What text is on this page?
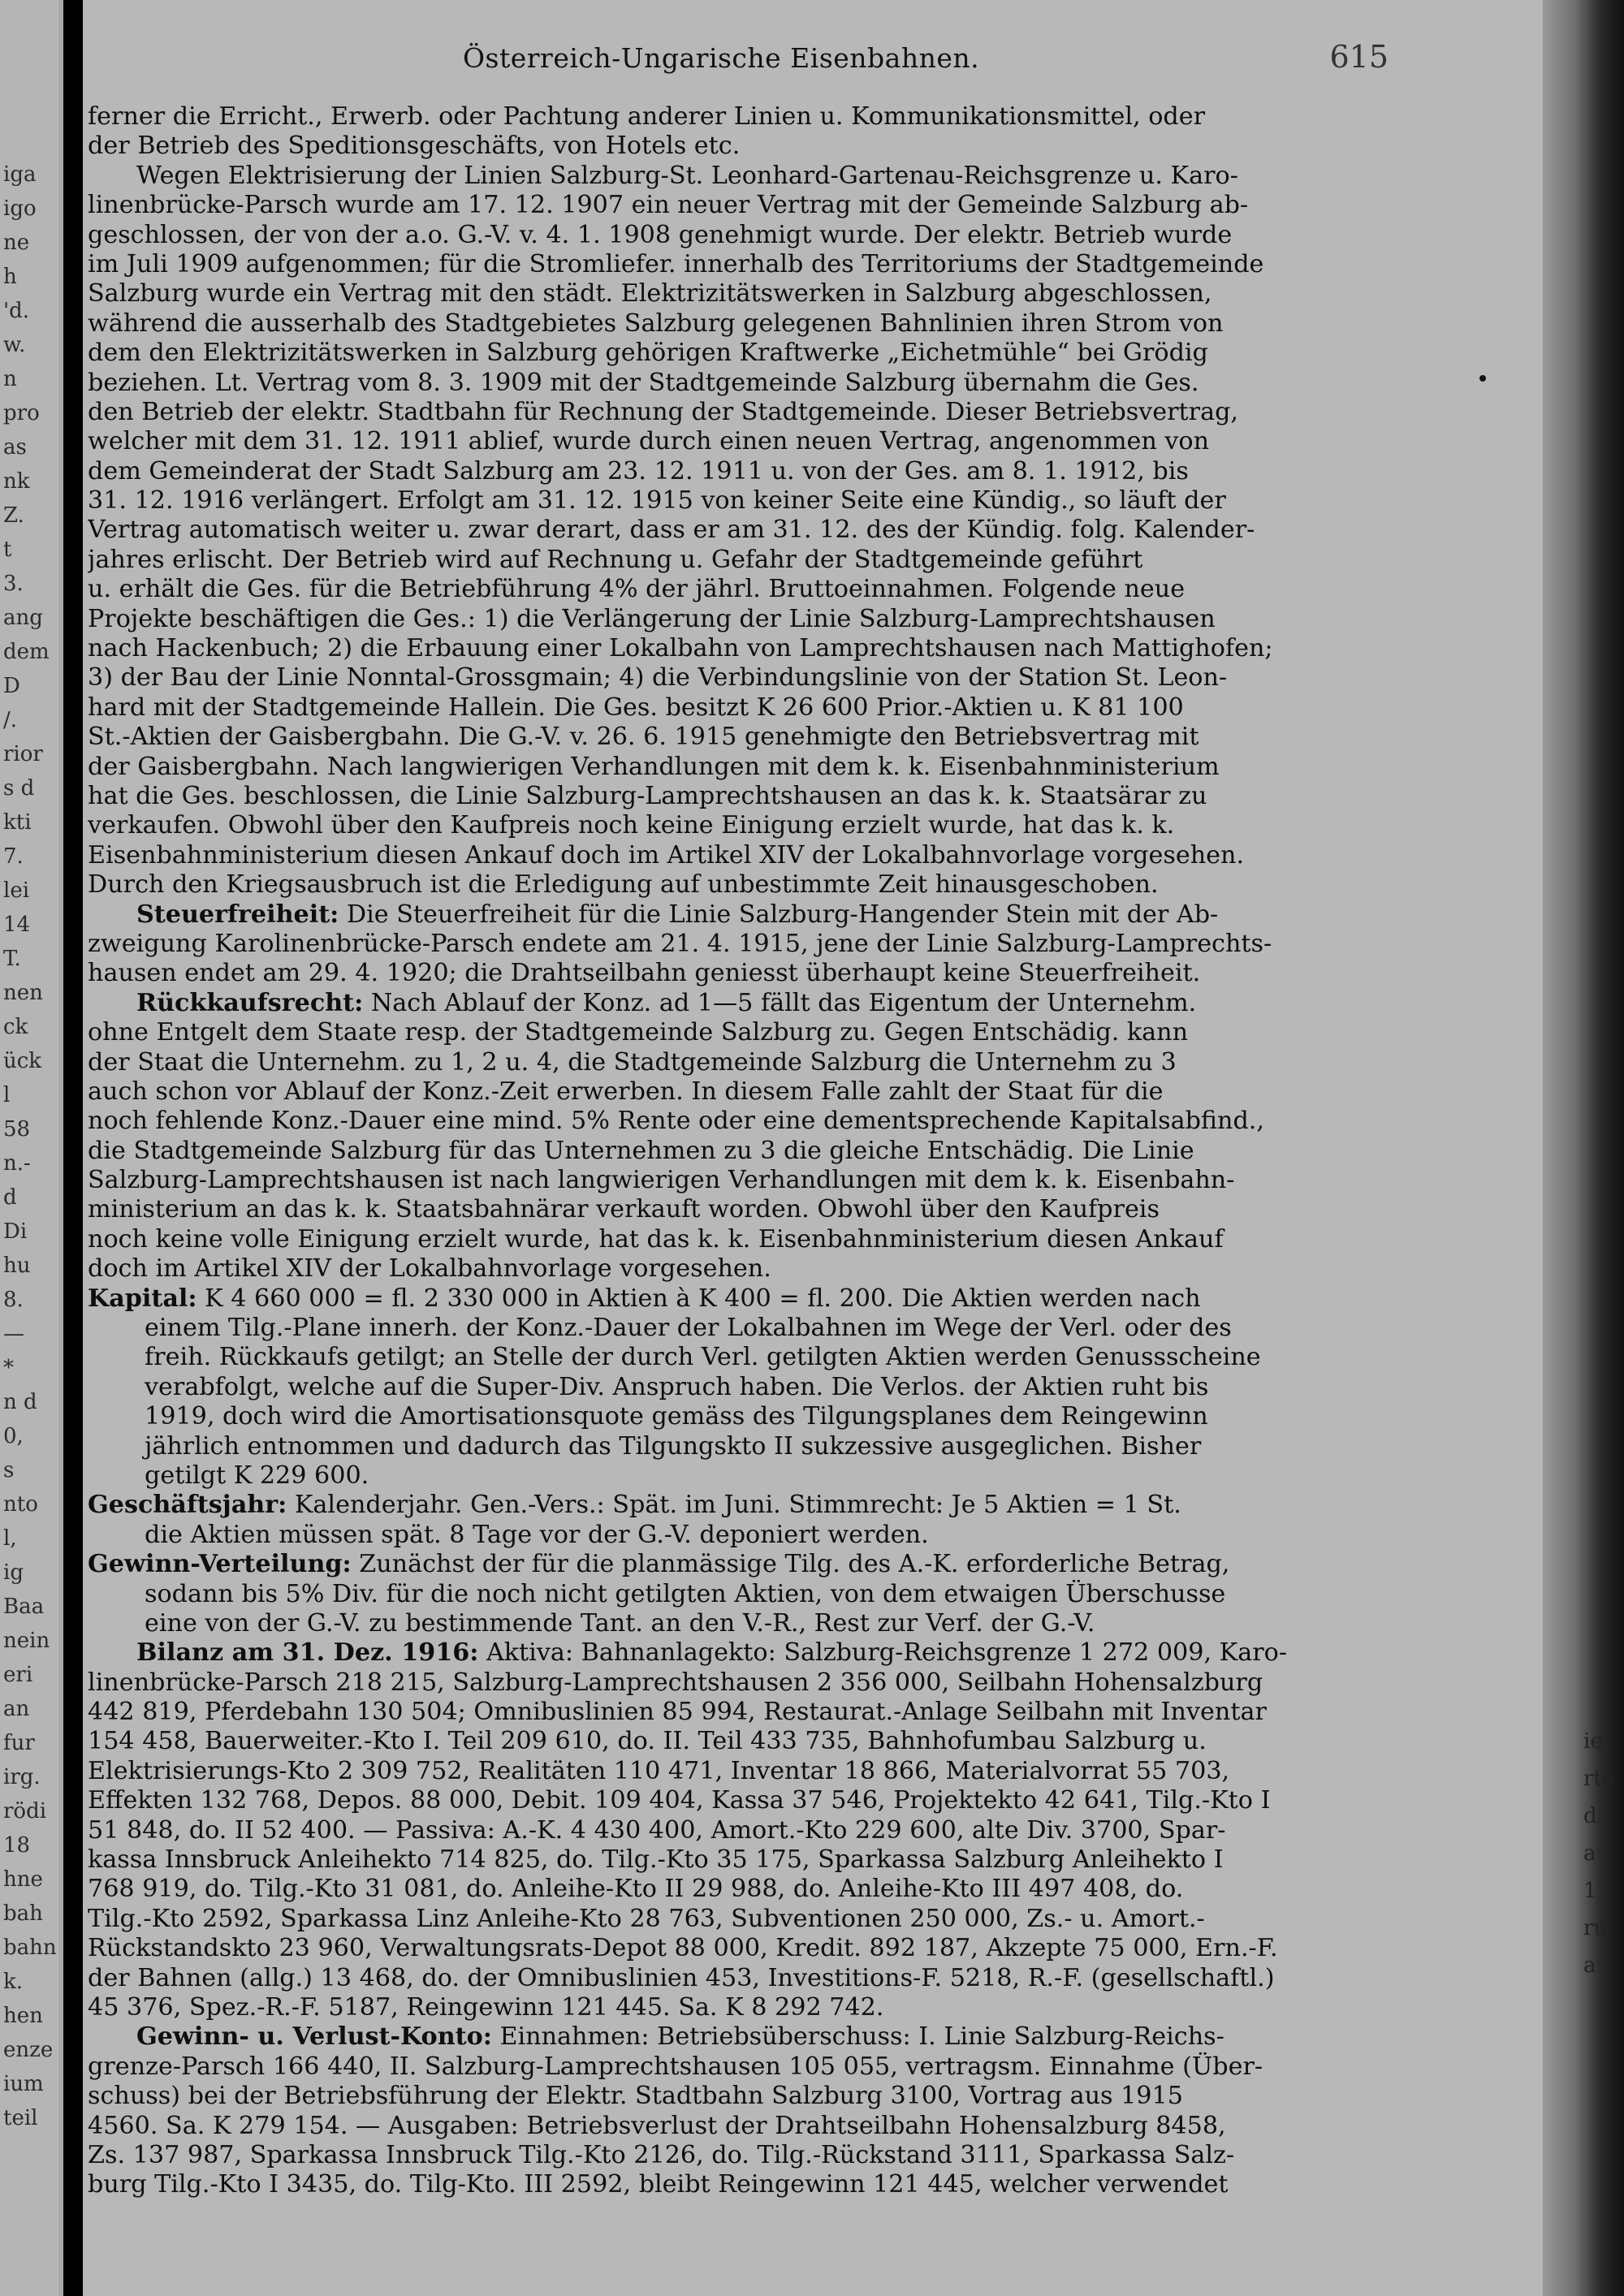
iga
igo
ne
h
'd.
w.
n
pro
as
nk
Z.
t
3.
ang
dem
D
/.
rior
s d
kti
7.
lei
14
T.
nen
ck
ück
l
58
n.-
d
Di
hu
8.
—
*
n d
0,
s
nto
l,
ig
Baa
nein
eri
an
fur
irg.
rödi
18
hne
bah
bahn
k.
hen
enze
ium
teil
ie
rte
d
a
1
ru
a
Österreich-Ungarische Eisenbahnen.	615
ferner die Erricht., Erwerb. oder Pachtung anderer Linien u. Kommunikationsmittel, oder
der Betrieb des Speditionsgeschäfts, von Hotels etc.
Wegen Elektrisierung der Linien Salzburg-St. Leonhard-Gartenau-Reichsgrenze u. Karo-
linenbrücke-Parsch wurde am 17. 12. 1907 ein neuer Vertrag mit der Gemeinde Salzburg ab-
geschlossen, der von der a.o. G.-V. v. 4. 1. 1908 genehmigt wurde. Der elektr. Betrieb wurde
im Juli 1909 aufgenommen; für die Stromliefer. innerhalb des Territoriums der Stadtgemeinde
Salzburg wurde ein Vertrag mit den städt. Elektrizitätswerken in Salzburg abgeschlossen,
während die ausserhalb des Stadtgebietes Salzburg gelegenen Bahnlinien ihren Strom von
dem den Elektrizitätswerken in Salzburg gehörigen Kraftwerke „Eichetmühle“ bei Grödig
beziehen. Lt. Vertrag vom 8. 3. 1909 mit der Stadtgemeinde Salzburg übernahm die Ges.
den Betrieb der elektr. Stadtbahn für Rechnung der Stadtgemeinde. Dieser Betriebsvertrag,
welcher mit dem 31. 12. 1911 ablief, wurde durch einen neuen Vertrag, angenommen von
dem Gemeinderat der Stadt Salzburg am 23. 12. 1911 u. von der Ges. am 8. 1. 1912, bis
31. 12. 1916 verlängert. Erfolgt am 31. 12. 1915 von keiner Seite eine Kündig., so läuft der
Vertrag automatisch weiter u. zwar derart, dass er am 31. 12. des der Kündig. folg. Kalender-
jahres erlischt. Der Betrieb wird auf Rechnung u. Gefahr der Stadtgemeinde geführt
u. erhält die Ges. für die Betriebführung 4% der jährl. Bruttoeinnahmen. Folgende neue
Projekte beschäftigen die Ges.: 1) die Verlängerung der Linie Salzburg-Lamprechtshausen
nach Hackenbuch; 2) die Erbauung einer Lokalbahn von Lamprechtshausen nach Mattighofen;
3) der Bau der Linie Nonntal-Grossgmain; 4) die Verbindungslinie von der Station St. Leon-
hard mit der Stadtgemeinde Hallein. Die Ges. besitzt K 26 600 Prior.-Aktien u. K 81 100
St.-Aktien der Gaisbergbahn. Die G.-V. v. 26. 6. 1915 genehmigte den Betriebsvertrag mit
der Gaisbergbahn. Nach langwierigen Verhandlungen mit dem k. k. Eisenbahnministerium
hat die Ges. beschlossen, die Linie Salzburg-Lamprechtshausen an das k. k. Staatsärar zu
verkaufen. Obwohl über den Kaufpreis noch keine Einigung erzielt wurde, hat das k. k.
Eisenbahnministerium diesen Ankauf doch im Artikel XIV der Lokalbahnvorlage vorgesehen.
Durch den Kriegsausbruch ist die Erledigung auf unbestimmte Zeit hinausgeschoben.
Steuerfreiheit: Die Steuerfreiheit für die Linie Salzburg-Hangender Stein mit der Ab-
zweigung Karolinenbrücke-Parsch endete am 21. 4. 1915, jene der Linie Salzburg-Lamprechts-
hausen endet am 29. 4. 1920; die Drahtseilbahn geniesst überhaupt keine Steuerfreiheit.
Rückkaufsrecht: Nach Ablauf der Konz. ad 1—5 fällt das Eigentum der Unternehm.
ohne Entgelt dem Staate resp. der Stadtgemeinde Salzburg zu. Gegen Entschädig. kann
der Staat die Unternehm. zu 1, 2 u. 4, die Stadtgemeinde Salzburg die Unternehm zu 3
auch schon vor Ablauf der Konz.-Zeit erwerben. In diesem Falle zahlt der Staat für die
noch fehlende Konz.-Dauer eine mind. 5% Rente oder eine dementsprechende Kapitalsabfind.,
die Stadtgemeinde Salzburg für das Unternehmen zu 3 die gleiche Entschädig. Die Linie
Salzburg-Lamprechtshausen ist nach langwierigen Verhandlungen mit dem k. k. Eisenbahn-
ministerium an das k. k. Staatsbahnärar verkauft worden. Obwohl über den Kaufpreis
noch keine volle Einigung erzielt wurde, hat das k. k. Eisenbahnministerium diesen Ankauf
doch im Artikel XIV der Lokalbahnvorlage vorgesehen.
Kapital: K 4 660 000 = fl. 2 330 000 in Aktien à K 400 = fl. 200. Die Aktien werden nach
einem Tilg.-Plane innerh. der Konz.-Dauer der Lokalbahnen im Wege der Verl. oder des
freih. Rückkaufs getilgt; an Stelle der durch Verl. getilgten Aktien werden Genussscheine
verabfolgt, welche auf die Super-Div. Anspruch haben. Die Verlos. der Aktien ruht bis
1919, doch wird die Amortisationsquote gemäss des Tilgungsplanes dem Reingewinn
jährlich entnommen und dadurch das Tilgungskto II sukzessive ausgeglichen. Bisher
getilgt K 229 600.
Geschäftsjahr: Kalenderjahr. Gen.-Vers.: Spät. im Juni. Stimmrecht: Je 5 Aktien = 1 St.
die Aktien müssen spät. 8 Tage vor der G.-V. deponiert werden.
Gewinn-Verteilung: Zunächst der für die planmässige Tilg. des A.-K. erforderliche Betrag,
sodann bis 5% Div. für die noch nicht getilgten Aktien, von dem etwaigen Überschusse
eine von der G.-V. zu bestimmende Tant. an den V.-R., Rest zur Verf. der G.-V.
Bilanz am 31. Dez. 1916: Aktiva: Bahnanlagekto: Salzburg-Reichsgrenze 1 272 009, Karo-
linenbrücke-Parsch 218 215, Salzburg-Lamprechtshausen 2 356 000, Seilbahn Hohensalzburg
442 819, Pferdebahn 130 504; Omnibuslinien 85 994, Restaurat.-Anlage Seilbahn mit Inventar
154 458, Bauerweiter.-Kto I. Teil 209 610, do. II. Teil 433 735, Bahnhofumbau Salzburg u.
Elektrisierungs-Kto 2 309 752, Realitäten 110 471, Inventar 18 866, Materialvorrat 55 703,
Effekten 132 768, Depos. 88 000, Debit. 109 404, Kassa 37 546, Projektekto 42 641, Tilg.-Kto I
51 848, do. II 52 400. — Passiva: A.-K. 4 430 400, Amort.-Kto 229 600, alte Div. 3700, Spar-
kassa Innsbruck Anleihekto 714 825, do. Tilg.-Kto 35 175, Sparkassa Salzburg Anleihekto I
768 919, do. Tilg.-Kto 31 081, do. Anleihe-Kto II 29 988, do. Anleihe-Kto III 497 408, do.
Tilg.-Kto 2592, Sparkassa Linz Anleihe-Kto 28 763, Subventionen 250 000, Zs.- u. Amort.-
Rückstandskto 23 960, Verwaltungsrats-Depot 88 000, Kredit. 892 187, Akzepte 75 000, Ern.-F.
der Bahnen (allg.) 13 468, do. der Omnibuslinien 453, Investitions-F. 5218, R.-F. (gesellschaftl.)
45 376, Spez.-R.-F. 5187, Reingewinn 121 445. Sa. K 8 292 742.
Gewinn- u. Verlust-Konto: Einnahmen: Betriebsüberschuss: I. Linie Salzburg-Reichs-
grenze-Parsch 166 440, II. Salzburg-Lamprechtshausen 105 055, vertragsm. Einnahme (Über-
schuss) bei der Betriebsführung der Elektr. Stadtbahn Salzburg 3100, Vortrag aus 1915
4560. Sa. K 279 154. — Ausgaben: Betriebsverlust der Drahtseilbahn Hohensalzburg 8458,
Zs. 137 987, Sparkassa Innsbruck Tilg.-Kto 2126, do. Tilg.-Rückstand 3111, Sparkassa Salz-
burg Tilg.-Kto I 3435, do. Tilg-Kto. III 2592, bleibt Reingewinn 121 445, welcher verwendet
